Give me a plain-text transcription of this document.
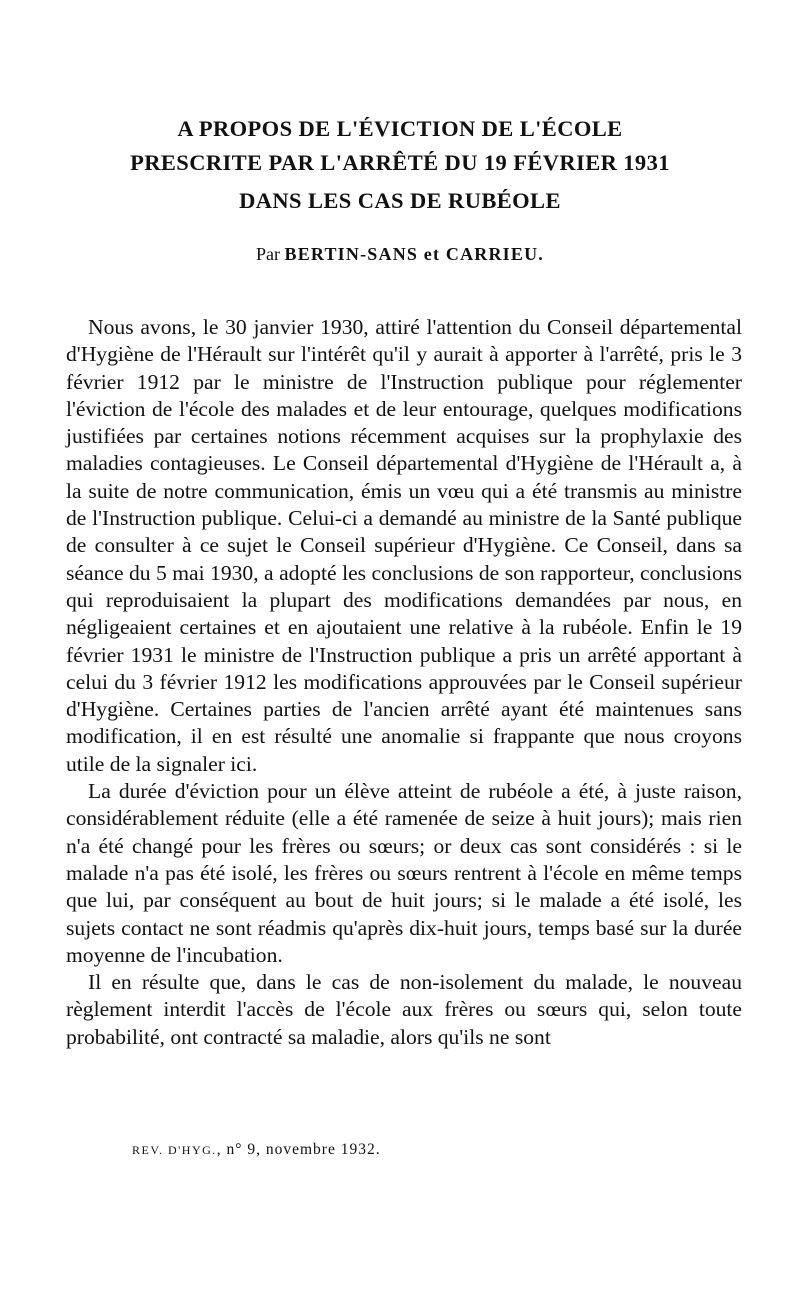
A PROPOS DE L'ÉVICTION DE L'ÉCOLE
PRESCRITE PAR L'ARRÊTÉ DU 19 FÉVRIER 1931
DANS LES CAS DE RUBÉOLE
Par BERTIN-SANS et CARRIEU.

Nous avons, le 30 janvier 1930, attiré l'attention du Conseil départemental d'Hygiène de l'Hérault sur l'intérêt qu'il y aurait à apporter à l'arrêté, pris le 3 février 1912 par le ministre de l'Instruction publique pour réglementer l'éviction de l'école des malades et de leur entourage, quelques modifications justifiées par certaines notions récemment acquises sur la prophylaxie des maladies contagieuses. Le Conseil départemental d'Hygiène de l'Hérault a, à la suite de notre communication, émis un vœu qui a été transmis au ministre de l'Instruction publique. Celui-ci a demandé au ministre de la Santé publique de consulter à ce sujet le Conseil supérieur d'Hygiène. Ce Conseil, dans sa séance du 5 mai 1930, a adopté les conclusions de son rapporteur, conclusions qui reproduisaient la plupart des modifications demandées par nous, en négligeaient certaines et en ajoutaient une relative à la rubéole. Enfin le 19 février 1931 le ministre de l'Instruction publique a pris un arrêté apportant à celui du 3 février 1912 les modifications approuvées par le Conseil supérieur d'Hygiène. Certaines parties de l'ancien arrêté ayant été maintenues sans modification, il en est résulté une anomalie si frappante que nous croyons utile de la signaler ici.

La durée d'éviction pour un élève atteint de rubéole a été, à juste raison, considérablement réduite (elle a été ramenée de seize à huit jours); mais rien n'a été changé pour les frères ou sœurs; or deux cas sont considérés : si le malade n'a pas été isolé, les frères ou sœurs rentrent à l'école en même temps que lui, par conséquent au bout de huit jours; si le malade a été isolé, les sujets contact ne sont réadmis qu'après dix-huit jours, temps basé sur la durée moyenne de l'incubation.

Il en résulte que, dans le cas de non-isolement du malade, le nouveau règlement interdit l'accès de l'école aux frères ou sœurs qui, selon toute probabilité, ont contracté sa maladie, alors qu'ils ne sont

REV. D'HYG., n° 9, novembre 1932.
